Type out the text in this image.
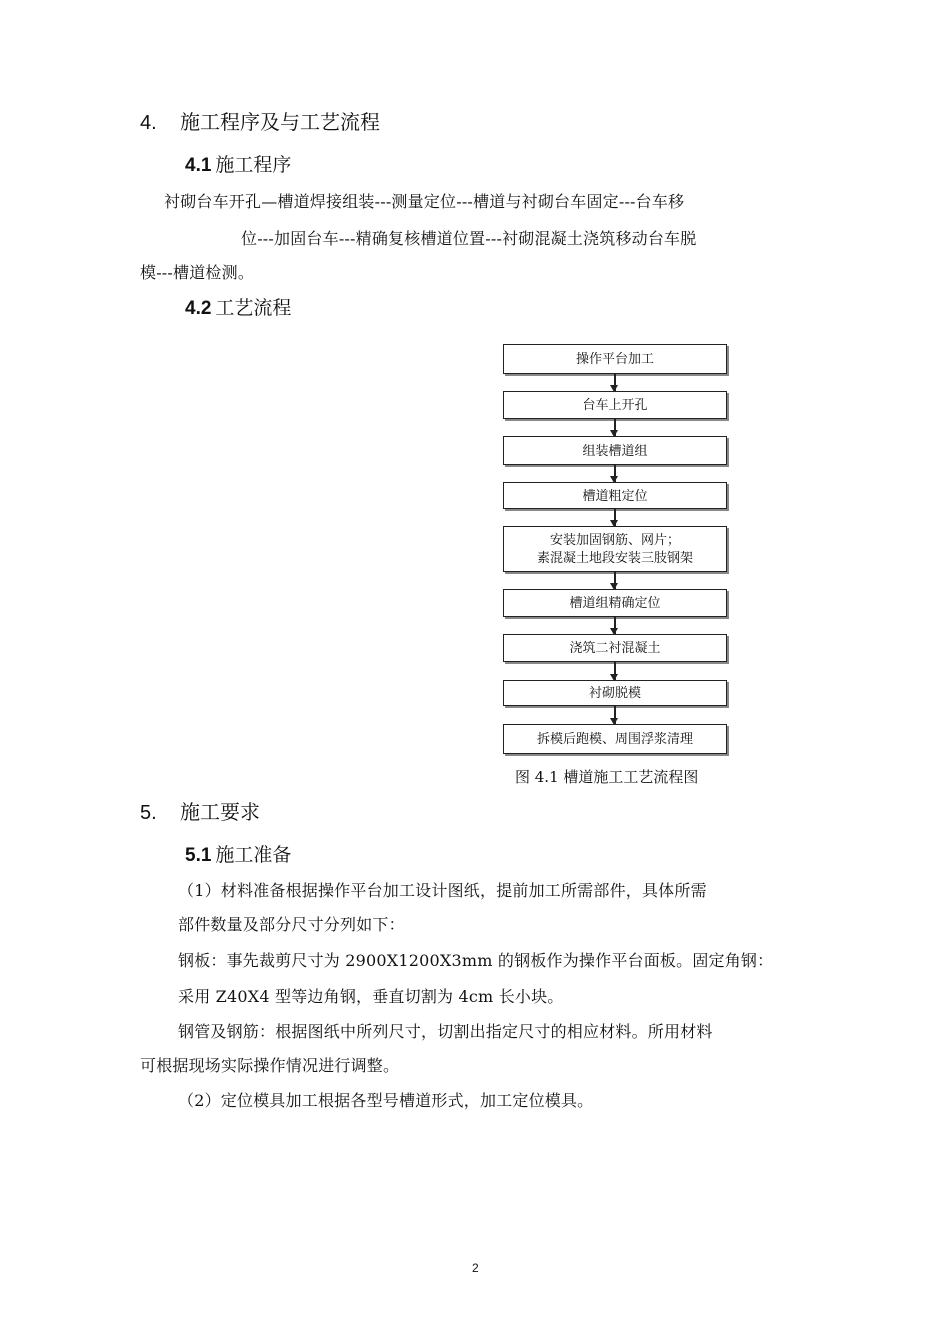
4. 施工程序及与工艺流程
4.1 施工程序
衬砌台车开孔—槽道焊接组装---测量定位---槽道与衬砌台车固定---台车移
位---加固台车---精确复核槽道位置---衬砌混凝土浇筑移动台车脱
模---槽道检测。
4.2 工艺流程
操作平台加工
台车上开孔
组装槽道组
槽道粗定位
安装加固钢筋、网片；
素混凝土地段安装三肢钢架
槽道组精确定位
浇筑二衬混凝土
衬砌脱模
拆模后跑模、周围浮浆清理
图 4.1 槽道施工工艺流程图
5. 施工要求
5.1 施工准备
（1）材料准备根据操作平台加工设计图纸，提前加工所需部件，具体所需
部件数量及部分尺寸分列如下：
钢板：事先裁剪尺寸为 2900X1200X3mm 的钢板作为操作平台面板。固定角钢：
采用 Z40X4 型等边角钢，垂直切割为 4cm 长小块。
钢管及钢筋：根据图纸中所列尺寸，切割出指定尺寸的相应材料。所用材料
可根据现场实际操作情况进行调整。
（2）定位模具加工根据各型号槽道形式，加工定位模具。
2
